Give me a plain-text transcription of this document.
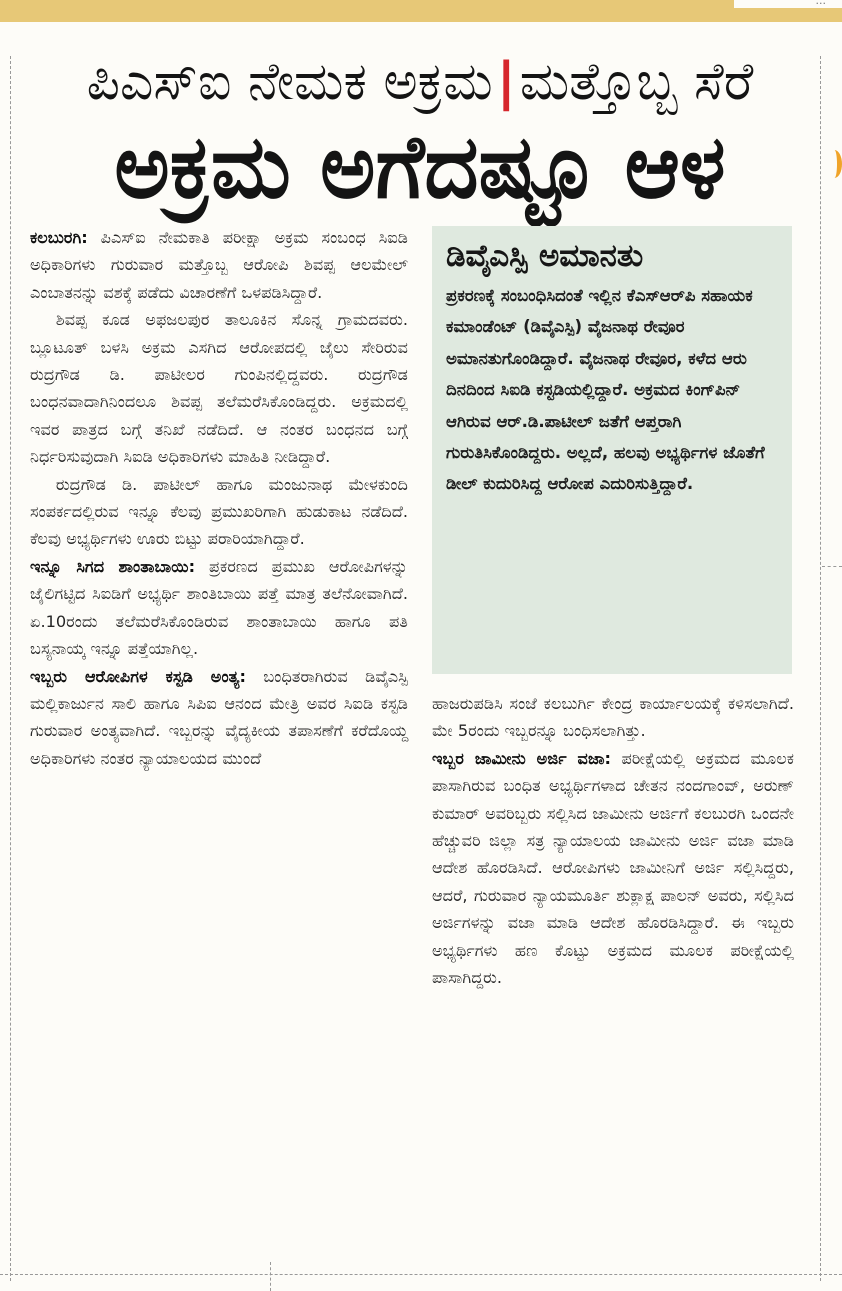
...
ಪಿಎಸ್‌ಐ ನೇಮಕ ಅಕ್ರಮ|ಮತ್ತೊಬ್ಬ ಸೆರೆ
ಅಕ್ರಮ ಅಗೆದಷ್ಟೂ ಆಳ

ಕಲಬುರಗಿ: ಪಿಎಸ್‌ಐ ನೇಮಕಾತಿ ಪರೀಕ್ಷಾ ಅಕ್ರಮ ಸಂಬಂಧ ಸಿಐಡಿ ಅಧಿಕಾರಿಗಳು ಗುರುವಾರ ಮತ್ತೊಬ್ಬ ಆರೋಪಿ ಶಿವಪ್ಪ ಆಲಮೇಲ್ ಎಂಬಾತನನ್ನು ವಶಕ್ಕೆ ಪಡೆದು ವಿಚಾರಣೆಗೆ ಒಳಪಡಿಸಿದ್ದಾರೆ.

ಶಿವಪ್ಪ ಕೂಡ ಅಫಜಲಪುರ ತಾಲೂಕಿನ ಸೊನ್ನ ಗ್ರಾಮದವರು. ಬ್ಲೂಟೂತ್ ಬಳಸಿ ಅಕ್ರಮ ಎಸಗಿದ ಆರೋಪದಲ್ಲಿ ಜೈಲು ಸೇರಿರುವ ರುದ್ರಗೌಡ ಡಿ. ಪಾಟೀಲರ ಗುಂಪಿನಲ್ಲಿದ್ದವರು. ರುದ್ರಗೌಡ ಬಂಧನವಾದಾಗಿನಿಂದಲೂ ಶಿವಪ್ಪ ತಲೆಮರೆಸಿಕೊಂಡಿದ್ದರು. ಅಕ್ರಮದಲ್ಲಿ ಇವರ ಪಾತ್ರದ ಬಗ್ಗೆ ತನಿಖೆ ನಡೆದಿದೆ. ಆ ನಂತರ ಬಂಧನದ ಬಗ್ಗೆ ನಿರ್ಧರಿಸುವುದಾಗಿ ಸಿಐಡಿ ಅಧಿಕಾರಿಗಳು ಮಾಹಿತಿ ನೀಡಿದ್ದಾರೆ.

ರುದ್ರಗೌಡ ಡಿ. ಪಾಟೀಲ್ ಹಾಗೂ ಮಂಜುನಾಥ ಮೇಳಕುಂದಿ ಸಂಪರ್ಕದಲ್ಲಿರುವ ಇನ್ನೂ ಕೆಲವು ಪ್ರಮುಖರಿಗಾಗಿ ಹುಡುಕಾಟ ನಡೆದಿದೆ. ಕೆಲವು ಅಭ್ಯರ್ಥಿಗಳು ಊರು ಬಿಟ್ಟು ಪರಾರಿಯಾಗಿದ್ದಾರೆ.

ಇನ್ನೂ ಸಿಗದ ಶಾಂತಾಬಾಯಿ: ಪ್ರಕರಣದ ಪ್ರಮುಖ ಆರೋಪಿಗಳನ್ನು ಜೈಲಿಗಟ್ಟಿದ ಸಿಐಡಿಗೆ ಅಭ್ಯರ್ಥಿ ಶಾಂತಿಬಾಯಿ ಪತ್ತೆ ಮಾತ್ರ ತಲೆನೋವಾಗಿದೆ. ಏ.10ರಂದು ತಲೆಮರೆಸಿಕೊಂಡಿರುವ ಶಾಂತಾಬಾಯಿ ಹಾಗೂ ಪತಿ ಬಸ್ಯನಾಯ್ಕ ಇನ್ನೂ ಪತ್ತೆಯಾಗಿಲ್ಲ.

ಇಬ್ಬರು ಆರೋಪಿಗಳ ಕಸ್ಟಡಿ ಅಂತ್ಯ: ಬಂಧಿತರಾಗಿರುವ ಡಿವೈಎಸ್ಪಿ ಮಲ್ಲಿಕಾರ್ಜುನ ಸಾಲಿ ಹಾಗೂ ಸಿಪಿಐ ಆನಂದ ಮೇತ್ರಿ ಅವರ ಸಿಐಡಿ ಕಸ್ಟಡಿ ಗುರುವಾರ ಅಂತ್ಯವಾಗಿದೆ. ಇಬ್ಬರನ್ನು ವೈದ್ಯಕೀಯ ತಪಾಸಣೆಗೆ ಕರೆದೊಯ್ದ ಅಧಿಕಾರಿಗಳು ನಂತರ ನ್ಯಾಯಾಲಯದ ಮುಂದೆ

ಡಿವೈಎಸ್ಪಿ ಅಮಾನತು

ಪ್ರಕರಣಕ್ಕೆ ಸಂಬಂಧಿಸಿದಂತೆ ಇಲ್ಲಿನ ಕೆಎಸ್‌ಆರ್‌ಪಿ ಸಹಾಯಕ ಕಮಾಂಡೆಂಟ್ (ಡಿವೈಎಸ್ಪಿ) ವೈಜನಾಥ ರೇವೂರ ಅಮಾನತುಗೊಂಡಿದ್ದಾರೆ. ವೈಜನಾಥ ರೇವೂರ, ಕಳೆದ ಆರು ದಿನದಿಂದ ಸಿಐಡಿ ಕಸ್ಟಡಿಯಲ್ಲಿದ್ದಾರೆ. ಅಕ್ರಮದ ಕಿಂಗ್‌ಪಿನ್ ಆಗಿರುವ ಆರ್.ಡಿ.ಪಾಟೀಲ್ ಜತೆಗೆ ಆಪ್ತರಾಗಿ ಗುರುತಿಸಿಕೊಂಡಿದ್ದರು. ಅಲ್ಲದೆ, ಹಲವು ಅಭ್ಯರ್ಥಿಗಳ ಜೊತೆಗೆ ಡೀಲ್ ಕುದುರಿಸಿದ್ದ ಆರೋಪ ಎದುರಿಸುತ್ತಿದ್ದಾರೆ.

ಹಾಜರುಪಡಿಸಿ ಸಂಜೆ ಕಲಬುರ್ಗಿ ಕೇಂದ್ರ ಕಾರ್ಯಾಲಯಕ್ಕೆ ಕಳಿಸಲಾಗಿದೆ. ಮೇ 5ರಂದು ಇಬ್ಬರನ್ನೂ ಬಂಧಿಸಲಾಗಿತ್ತು.

ಇಬ್ಬರ ಜಾಮೀನು ಅರ್ಜಿ ವಜಾ: ಪರೀಕ್ಷೆಯಲ್ಲಿ ಅಕ್ರಮದ ಮೂಲಕ ಪಾಸಾಗಿರುವ ಬಂಧಿತ ಅಭ್ಯರ್ಥಿಗಳಾದ ಚೇತನ ನಂದಗಾಂವ್, ಅರುಣ್ ಕುಮಾರ್ ಅವರಿಬ್ಬರು ಸಲ್ಲಿಸಿದ ಜಾಮೀನು ಅರ್ಜಿಗೆ ಕಲಬುರಗಿ ಒಂದನೇ ಹೆಚ್ಚುವರಿ ಜಿಲ್ಲಾ ಸತ್ರ ನ್ಯಾಯಾಲಯ ಜಾಮೀನು ಅರ್ಜಿ ವಜಾ ಮಾಡಿ ಆದೇಶ ಹೊರಡಿಸಿದೆ. ಆರೋಪಿಗಳು ಜಾಮೀನಿಗೆ ಅರ್ಜಿ ಸಲ್ಲಿಸಿದ್ದರು, ಆದರೆ, ಗುರುವಾರ ನ್ಯಾಯಮೂರ್ತಿ ಶುಕ್ಲಾಕ್ಷ ಪಾಲನ್ ಅವರು, ಸಲ್ಲಿಸಿದ ಅರ್ಜಿಗಳನ್ನು ವಜಾ ಮಾಡಿ ಆದೇಶ ಹೊರಡಿಸಿದ್ದಾರೆ. ಈ ಇಬ್ಬರು ಅಭ್ಯರ್ಥಿಗಳು ಹಣ ಕೊಟ್ಟು ಅಕ್ರಮದ ಮೂಲಕ ಪರೀಕ್ಷೆಯಲ್ಲಿ ಪಾಸಾಗಿದ್ದರು.
